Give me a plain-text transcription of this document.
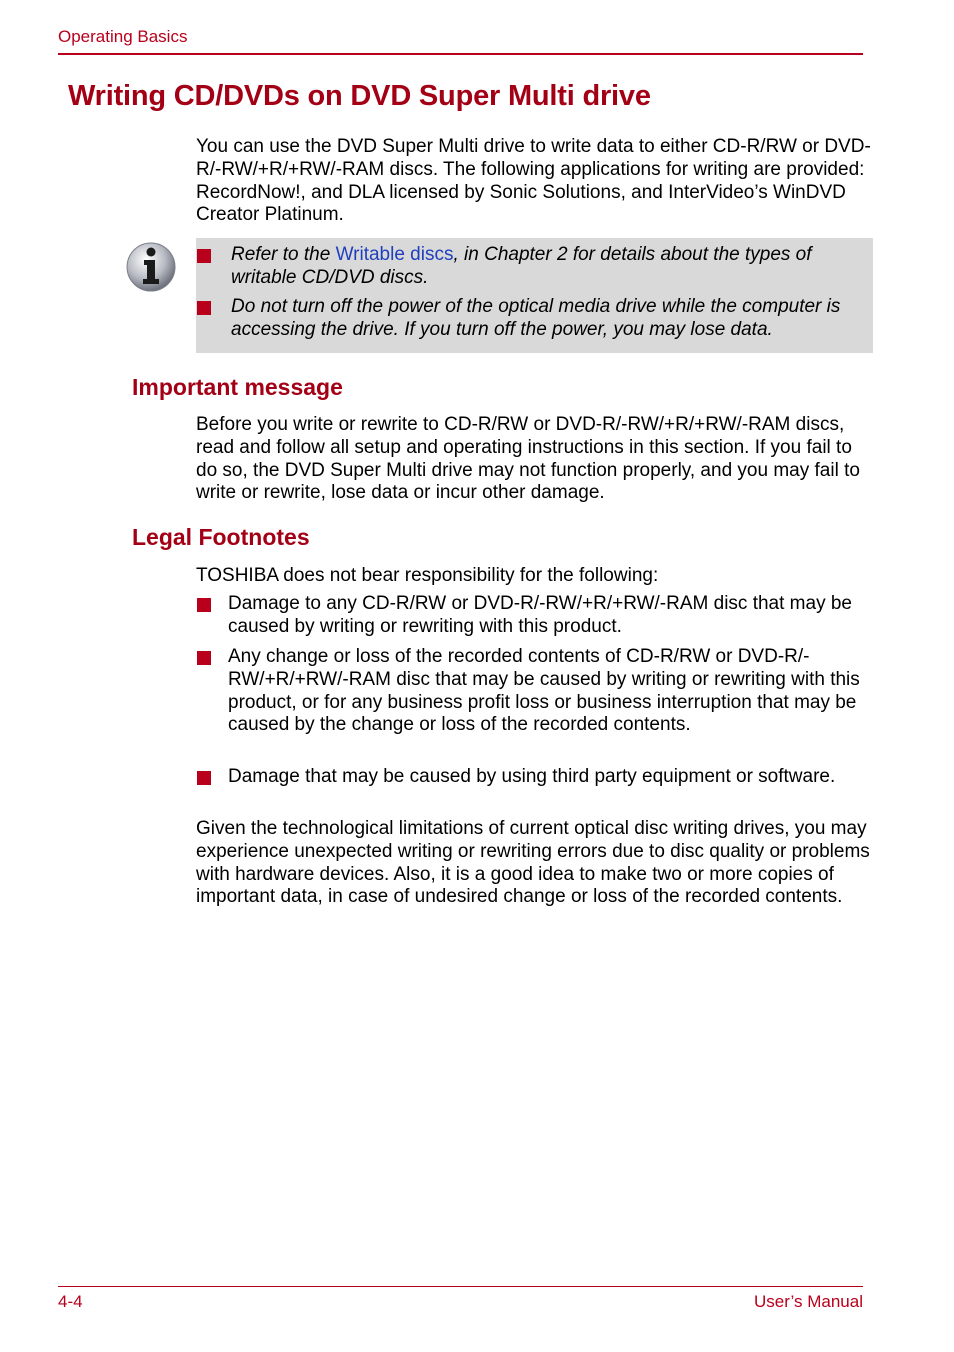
Operating Basics
Writing CD/DVDs on DVD Super Multi drive

You can use the DVD Super Multi drive to write data to either CD-R/RW or DVD-R/-RW/+R/+RW/-RAM discs. The following applications for writing are provided: RecordNow!, and DLA licensed by Sonic Solutions, and InterVideo’s WinDVD Creator Platinum.

Refer to the Writable discs, in Chapter 2 for details about the types of writable CD/DVD discs.

Do not turn off the power of the optical media drive while the computer is accessing the drive. If you turn off the power, you may lose data.

Important message

Before you write or rewrite to CD-R/RW or DVD-R/-RW/+R/+RW/-RAM discs, read and follow all setup and operating instructions in this section. If you fail to do so, the DVD Super Multi drive may not function properly, and you may fail to write or rewrite, lose data or incur other damage.

Legal Footnotes

TOSHIBA does not bear responsibility for the following:

Damage to any CD-R/RW or DVD-R/-RW/+R/+RW/-RAM disc that may be caused by writing or rewriting with this product.

Any change or loss of the recorded contents of CD-R/RW or DVD-R/-RW/+R/+RW/-RAM disc that may be caused by writing or rewriting with this product, or for any business profit loss or business interruption that may be caused by the change or loss of the recorded contents.

Damage that may be caused by using third party equipment or software.

Given the technological limitations of current optical disc writing drives, you may experience unexpected writing or rewriting errors due to disc quality or problems with hardware devices. Also, it is a good idea to make two or more copies of important data, in case of undesired change or loss of the recorded contents.

4-4	User’s Manual
